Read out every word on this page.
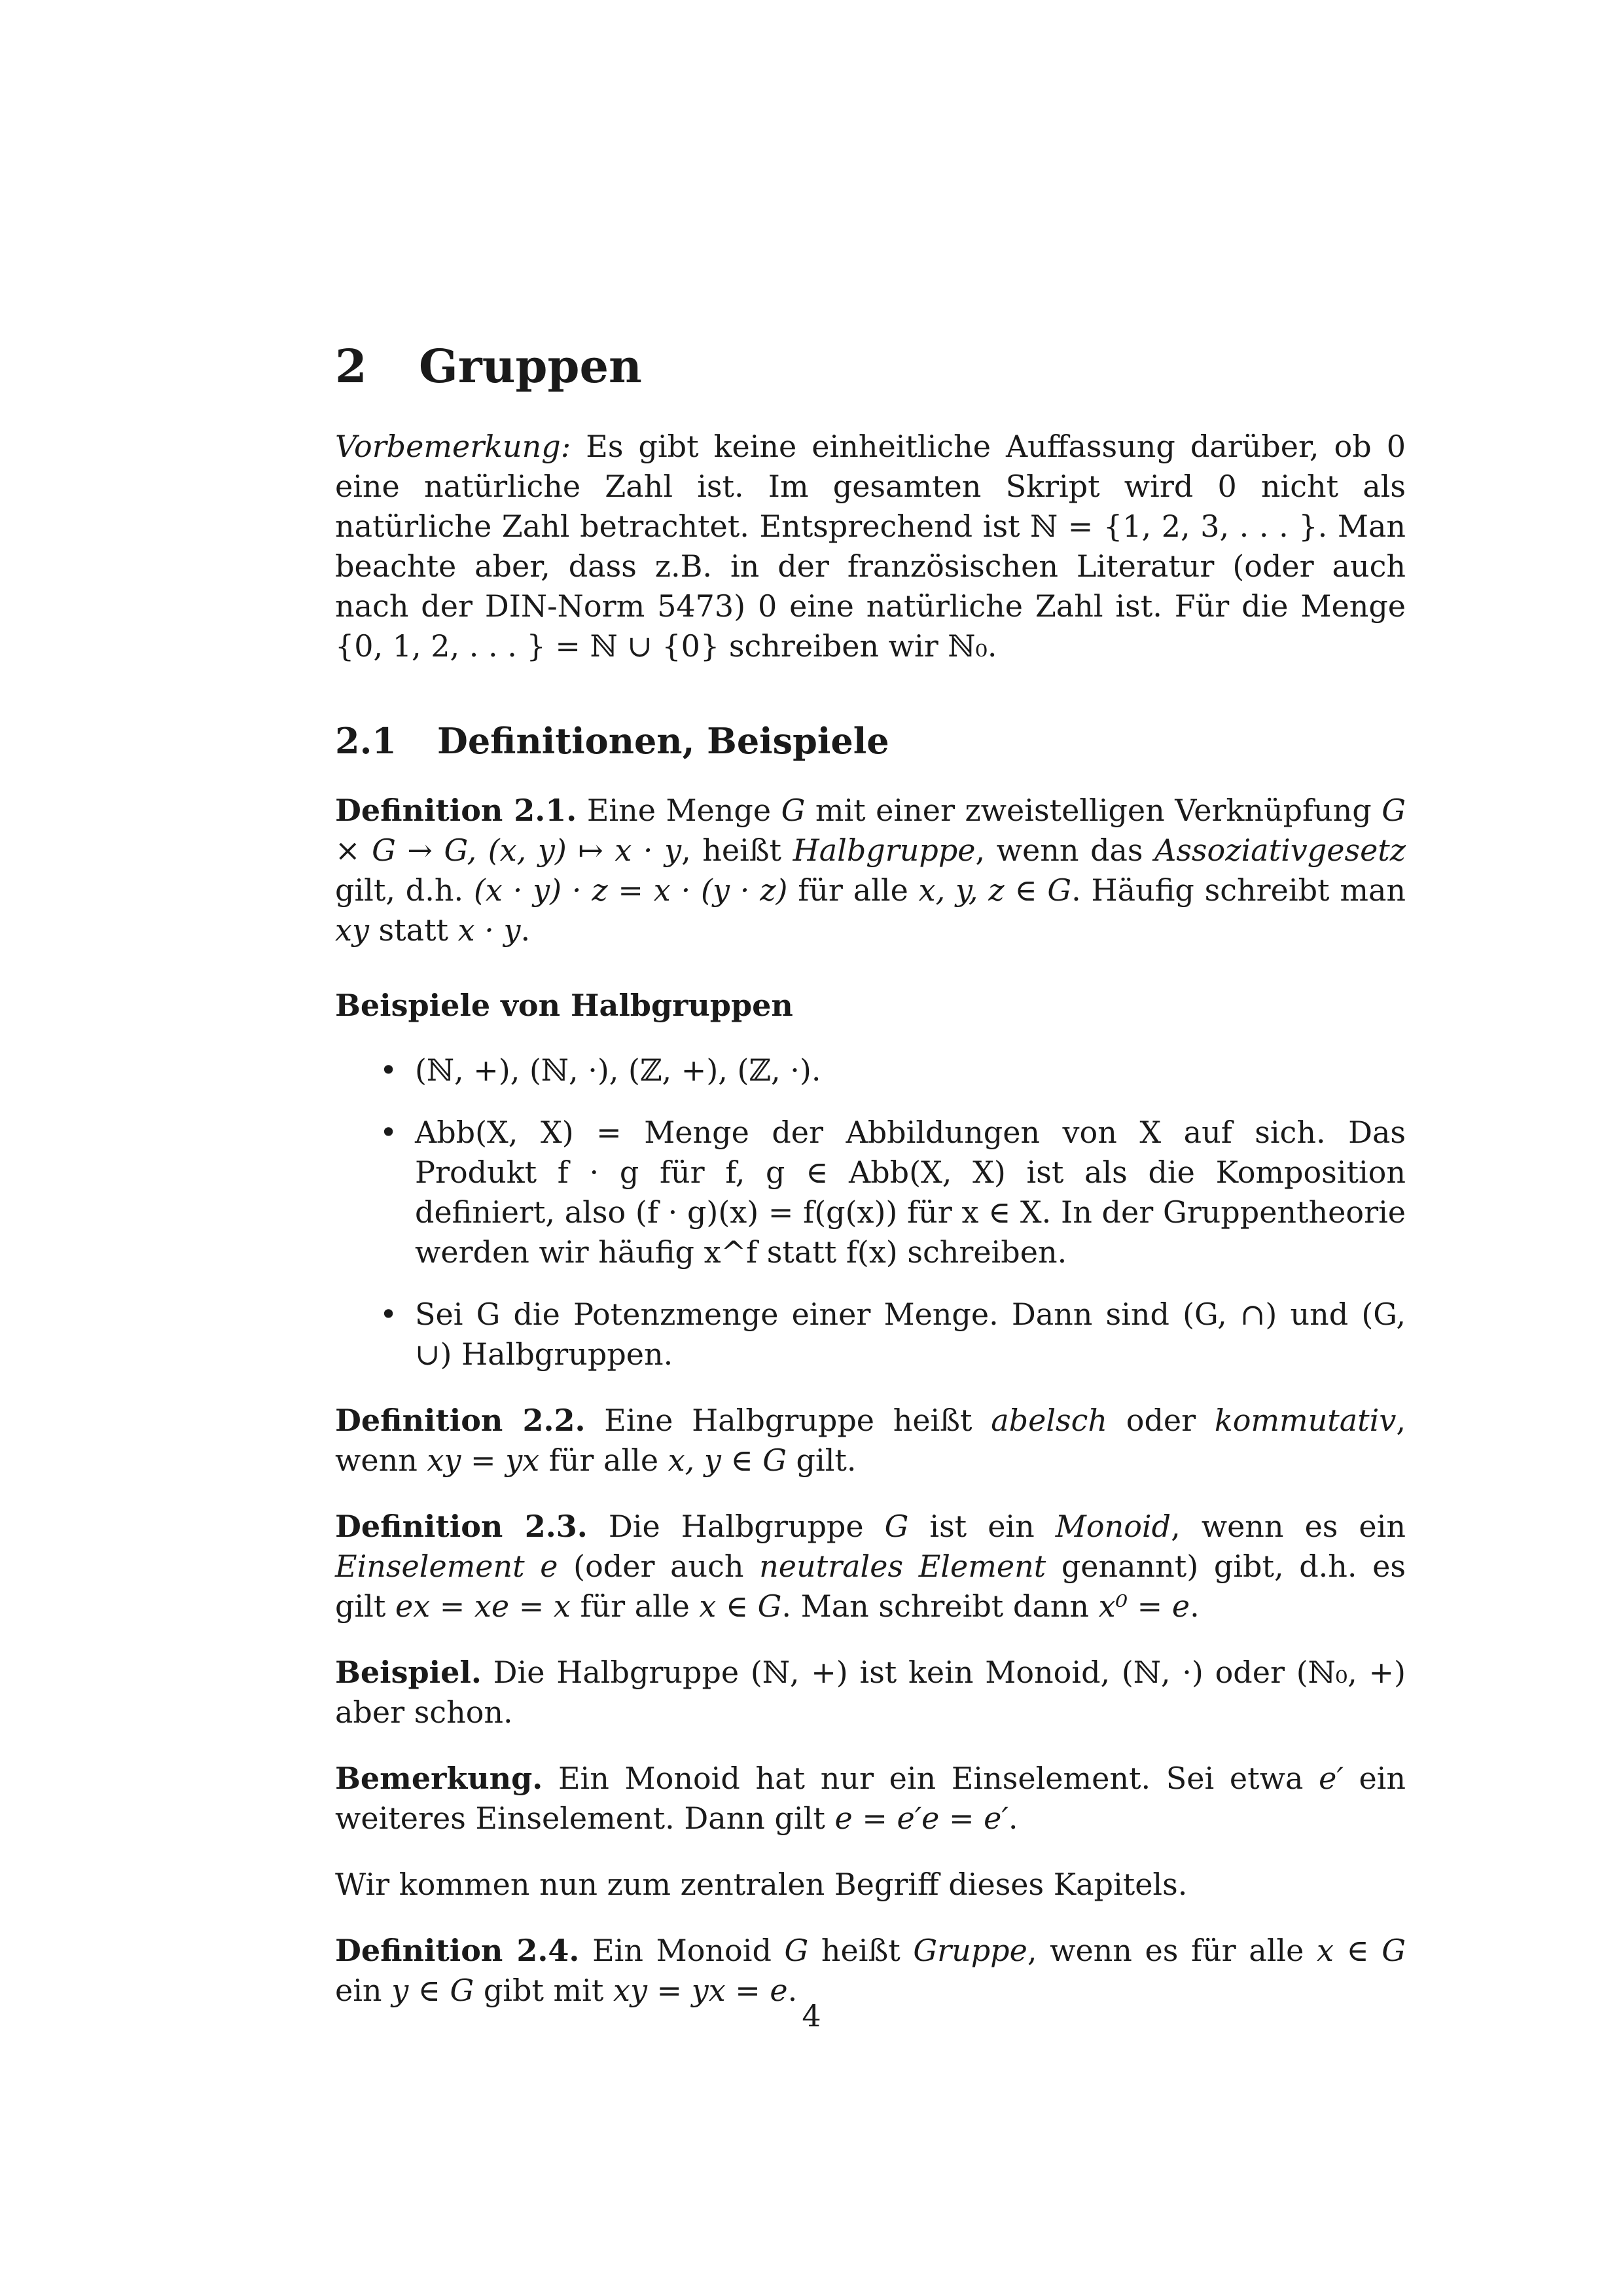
2 Gruppen

Vorbemerkung: Es gibt keine einheitliche Auffassung darüber, ob 0 eine natürliche Zahl ist. Im gesamten Skript wird 0 nicht als natürliche Zahl betrachtet. Entsprechend ist ℕ = {1, 2, 3, . . . }. Man beachte aber, dass z.B. in der französischen Literatur (oder auch nach der DIN-Norm 5473) 0 eine natürliche Zahl ist. Für die Menge {0, 1, 2, . . . } = ℕ ∪ {0} schreiben wir ℕ₀.

2.1 Definitionen, Beispiele

Definition 2.1. Eine Menge G mit einer zweistelligen Verknüpfung G × G → G, (x, y) ↦ x · y, heißt Halbgruppe, wenn das Assoziativgesetz gilt, d.h. (x · y) · z = x · (y · z) für alle x, y, z ∈ G. Häufig schreibt man xy statt x · y.

Beispiele von Halbgruppen
• (ℕ, +), (ℕ, ·), (ℤ, +), (ℤ, ·).
• Abb(X, X) = Menge der Abbildungen von X auf sich. Das Produkt f · g für f, g ∈ Abb(X, X) ist als die Komposition definiert, also (f · g)(x) = f(g(x)) für x ∈ X. In der Gruppentheorie werden wir häufig x^f statt f(x) schreiben.
• Sei G die Potenzmenge einer Menge. Dann sind (G, ∩) und (G, ∪) Halbgruppen.

Definition 2.2. Eine Halbgruppe heißt abelsch oder kommutativ, wenn xy = yx für alle x, y ∈ G gilt.

Definition 2.3. Die Halbgruppe G ist ein Monoid, wenn es ein Einselement e (oder auch neutrales Element genannt) gibt, d.h. es gilt ex = xe = x für alle x ∈ G. Man schreibt dann x⁰ = e.

Beispiel. Die Halbgruppe (ℕ, +) ist kein Monoid, (ℕ, ·) oder (ℕ₀, +) aber schon.

Bemerkung. Ein Monoid hat nur ein Einselement. Sei etwa e′ ein weiteres Einselement. Dann gilt e = e′e = e′.

Wir kommen nun zum zentralen Begriff dieses Kapitels.

Definition 2.4. Ein Monoid G heißt Gruppe, wenn es für alle x ∈ G ein y ∈ G gibt mit xy = yx = e.

4
